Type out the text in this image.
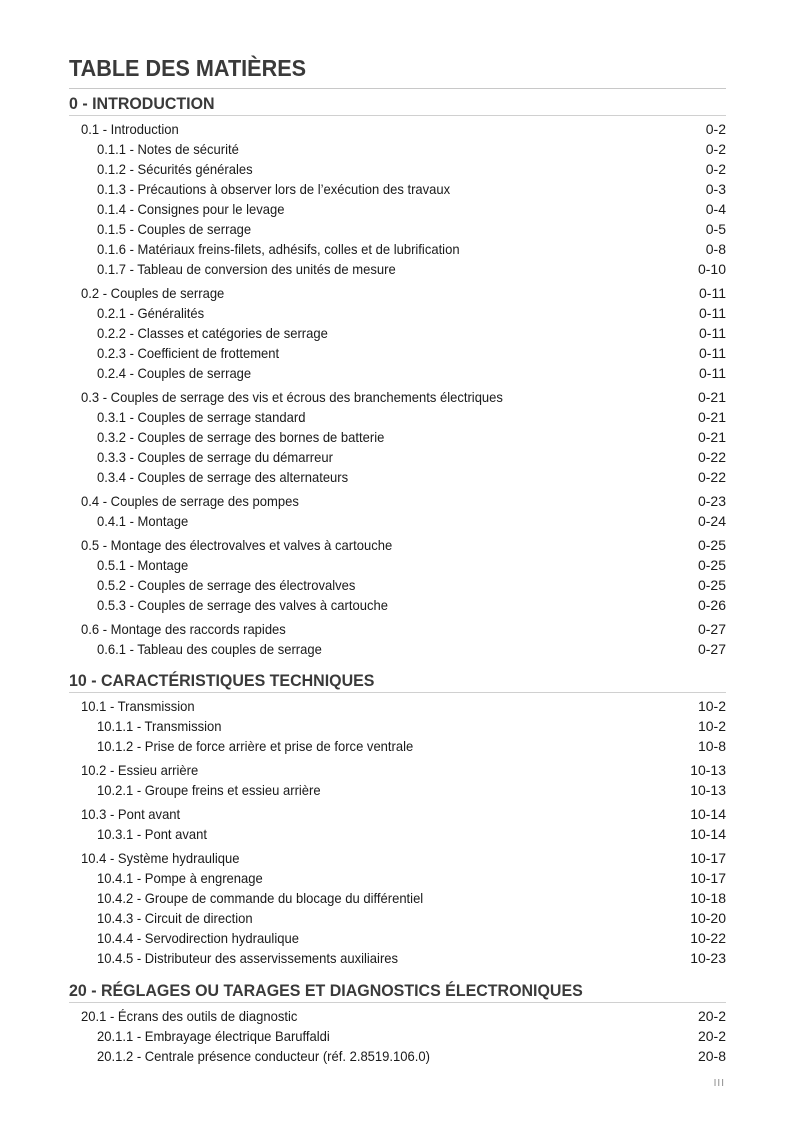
TABLE DES MATIÈRES
0 - INTRODUCTION
0.1 - Introduction	0-2
0.1.1 - Notes de sécurité	0-2
0.1.2 - Sécurités générales	0-2
0.1.3 - Précautions à observer lors de l’exécution des travaux	0-3
0.1.4 - Consignes pour le levage	0-4
0.1.5 - Couples de serrage	0-5
0.1.6 - Matériaux freins-filets, adhésifs, colles et de lubrification	0-8
0.1.7 - Tableau de conversion des unités de mesure	0-10
0.2 - Couples de serrage	0-11
0.2.1 - Généralités	0-11
0.2.2 - Classes et catégories de serrage	0-11
0.2.3 - Coefficient de frottement	0-11
0.2.4 - Couples de serrage	0-11
0.3 - Couples de serrage des vis et écrous des branchements électriques	0-21
0.3.1 - Couples de serrage standard	0-21
0.3.2 - Couples de serrage des bornes de batterie	0-21
0.3.3 - Couples de serrage du démarreur	0-22
0.3.4 - Couples de serrage des alternateurs	0-22
0.4 - Couples de serrage des pompes	0-23
0.4.1 - Montage	0-24
0.5 - Montage des électrovalves et valves à cartouche	0-25
0.5.1 - Montage	0-25
0.5.2 - Couples de serrage des électrovalves	0-25
0.5.3 - Couples de serrage des valves à cartouche	0-26
0.6 - Montage des raccords rapides	0-27
0.6.1 - Tableau des couples de serrage	0-27
10 - CARACTÉRISTIQUES TECHNIQUES
10.1 - Transmission	10-2
10.1.1 - Transmission	10-2
10.1.2 - Prise de force arrière et prise de force ventrale	10-8
10.2 - Essieu arrière	10-13
10.2.1 - Groupe freins et essieu arrière	10-13
10.3 - Pont avant	10-14
10.3.1 - Pont avant	10-14
10.4 - Système hydraulique	10-17
10.4.1 - Pompe à engrenage	10-17
10.4.2 - Groupe de commande du blocage du différentiel	10-18
10.4.3 - Circuit de direction	10-20
10.4.4 - Servodirection hydraulique	10-22
10.4.5 - Distributeur des asservissements auxiliaires	10-23
20 - RÉGLAGES OU TARAGES ET DIAGNOSTICS ÉLECTRONIQUES
20.1 - Écrans des outils de diagnostic	20-2
20.1.1 - Embrayage électrique Baruffaldi	20-2
20.1.2 - Centrale présence conducteur (réf. 2.8519.106.0)	20-8
III
